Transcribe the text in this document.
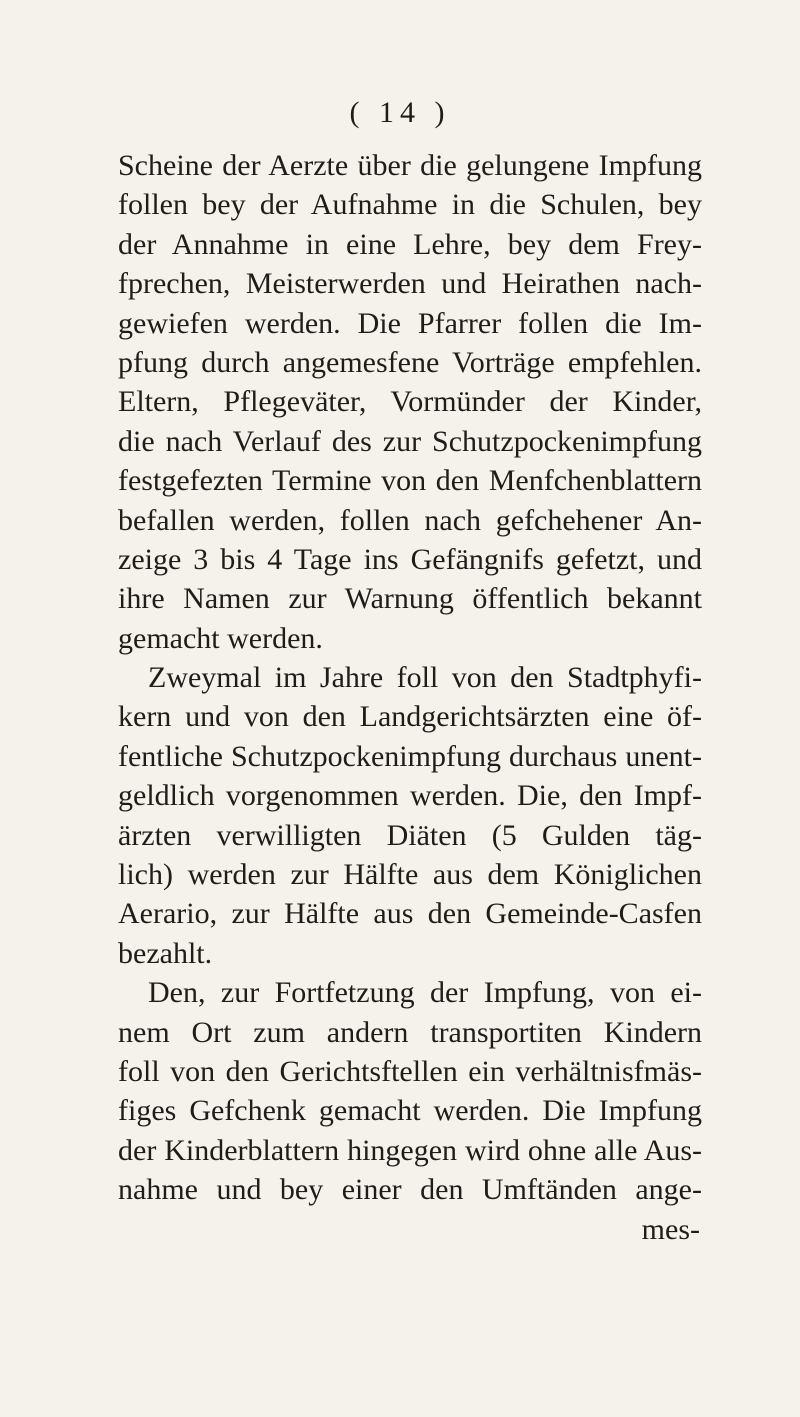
( 14 )
Scheine der Aerzte über die gelungene Impfung
follen bey der Aufnahme in die Schulen, bey
der Annahme in eine Lehre, bey dem Frey-
fprechen, Meisterwerden und Heirathen nach-
gewiefen werden. Die Pfarrer follen die Im-
pfung durch angemesfene Vorträge empfehlen.
Eltern, Pflegeväter, Vormünder der Kinder,
die nach Verlauf des zur Schutzpockenimpfung
festgefezten Termine von den Menfchenblattern
befallen werden, follen nach gefchehener An-
zeige 3 bis 4 Tage ins Gefängnifs gefetzt, und
ihre Namen zur Warnung öffentlich bekannt
gemacht werden.
Zweymal im Jahre foll von den Stadtphyfi-
kern und von den Landgerichtsärzten eine öf-
fentliche Schutzpockenimpfung durchaus unent-
geldlich vorgenommen werden. Die, den Impf-
ärzten verwilligten Diäten (5 Gulden täg-
lich) werden zur Hälfte aus dem Königlichen
Aerario, zur Hälfte aus den Gemeinde-Casfen
bezahlt.
Den, zur Fortfetzung der Impfung, von ei-
nem Ort zum andern transportiten Kindern
foll von den Gerichtsftellen ein verhältnisfmäs-
figes Gefchenk gemacht werden. Die Impfung
der Kinderblattern hingegen wird ohne alle Aus-
nahme und bey einer den Umftänden ange-
mes-
